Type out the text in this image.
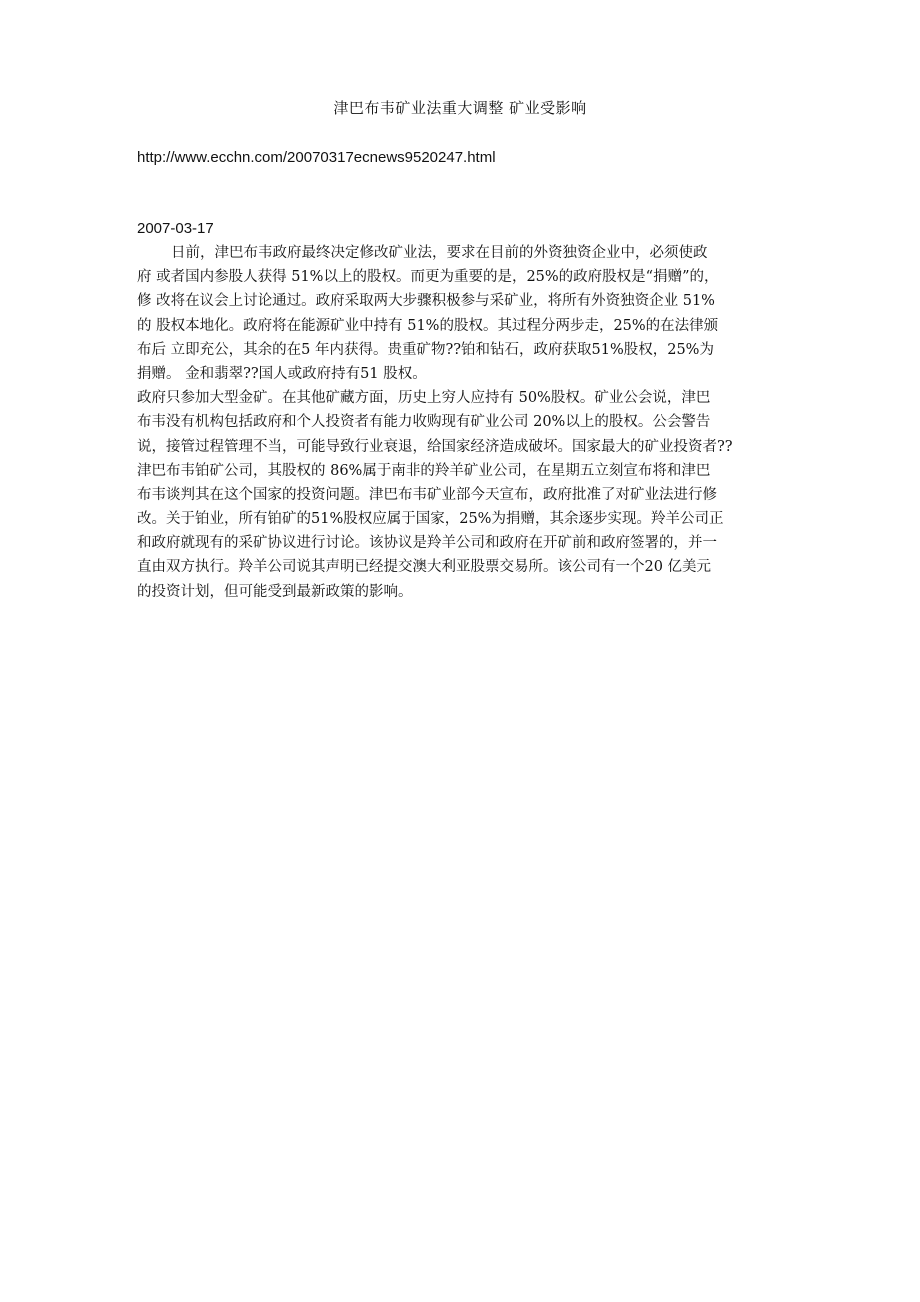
津巴布韦矿业法重大调整 矿业受影响
http://www.ecchn.com/20070317ecnews9520247.html
2007-03-17
日前，津巴布韦政府最终决定修改矿业法，要求在目前的外资独资企业中，必须使政
府 或者国内参股人获得 51%以上的股权。而更为重要的是，25%的政府股权是“捐赠”的，
修 改将在议会上讨论通过。政府采取两大步骤积极参与采矿业，将所有外资独资企业 51%
的 股权本地化。政府将在能源矿业中持有 51%的股权。其过程分两步走，25%的在法律颁
布后 立即充公，其余的在5 年内获得。贵重矿物??铂和钻石，政府获取51%股权，25%为
捐赠。 金和翡翠??国人或政府持有51 股权。
政府只参加大型金矿。在其他矿藏方面，历史上穷人应持有 50%股权。矿业公会说，津巴
布韦没有机构包括政府和个人投资者有能力收购现有矿业公司 20%以上的股权。公会警告
说，接管过程管理不当，可能导致行业衰退，给国家经济造成破坏。国家最大的矿业投资者??
津巴布韦铂矿公司，其股权的 86%属于南非的羚羊矿业公司，在星期五立刻宣布将和津巴
布韦谈判其在这个国家的投资问题。津巴布韦矿业部今天宣布，政府批准了对矿业法进行修
改。关于铂业，所有铂矿的51%股权应属于国家，25%为捐赠，其余逐步实现。羚羊公司正
和政府就现有的采矿协议进行讨论。该协议是羚羊公司和政府在开矿前和政府签署的，并一
直由双方执行。羚羊公司说其声明已经提交澳大利亚股票交易所。该公司有一个20 亿美元
的投资计划，但可能受到最新政策的影响。
